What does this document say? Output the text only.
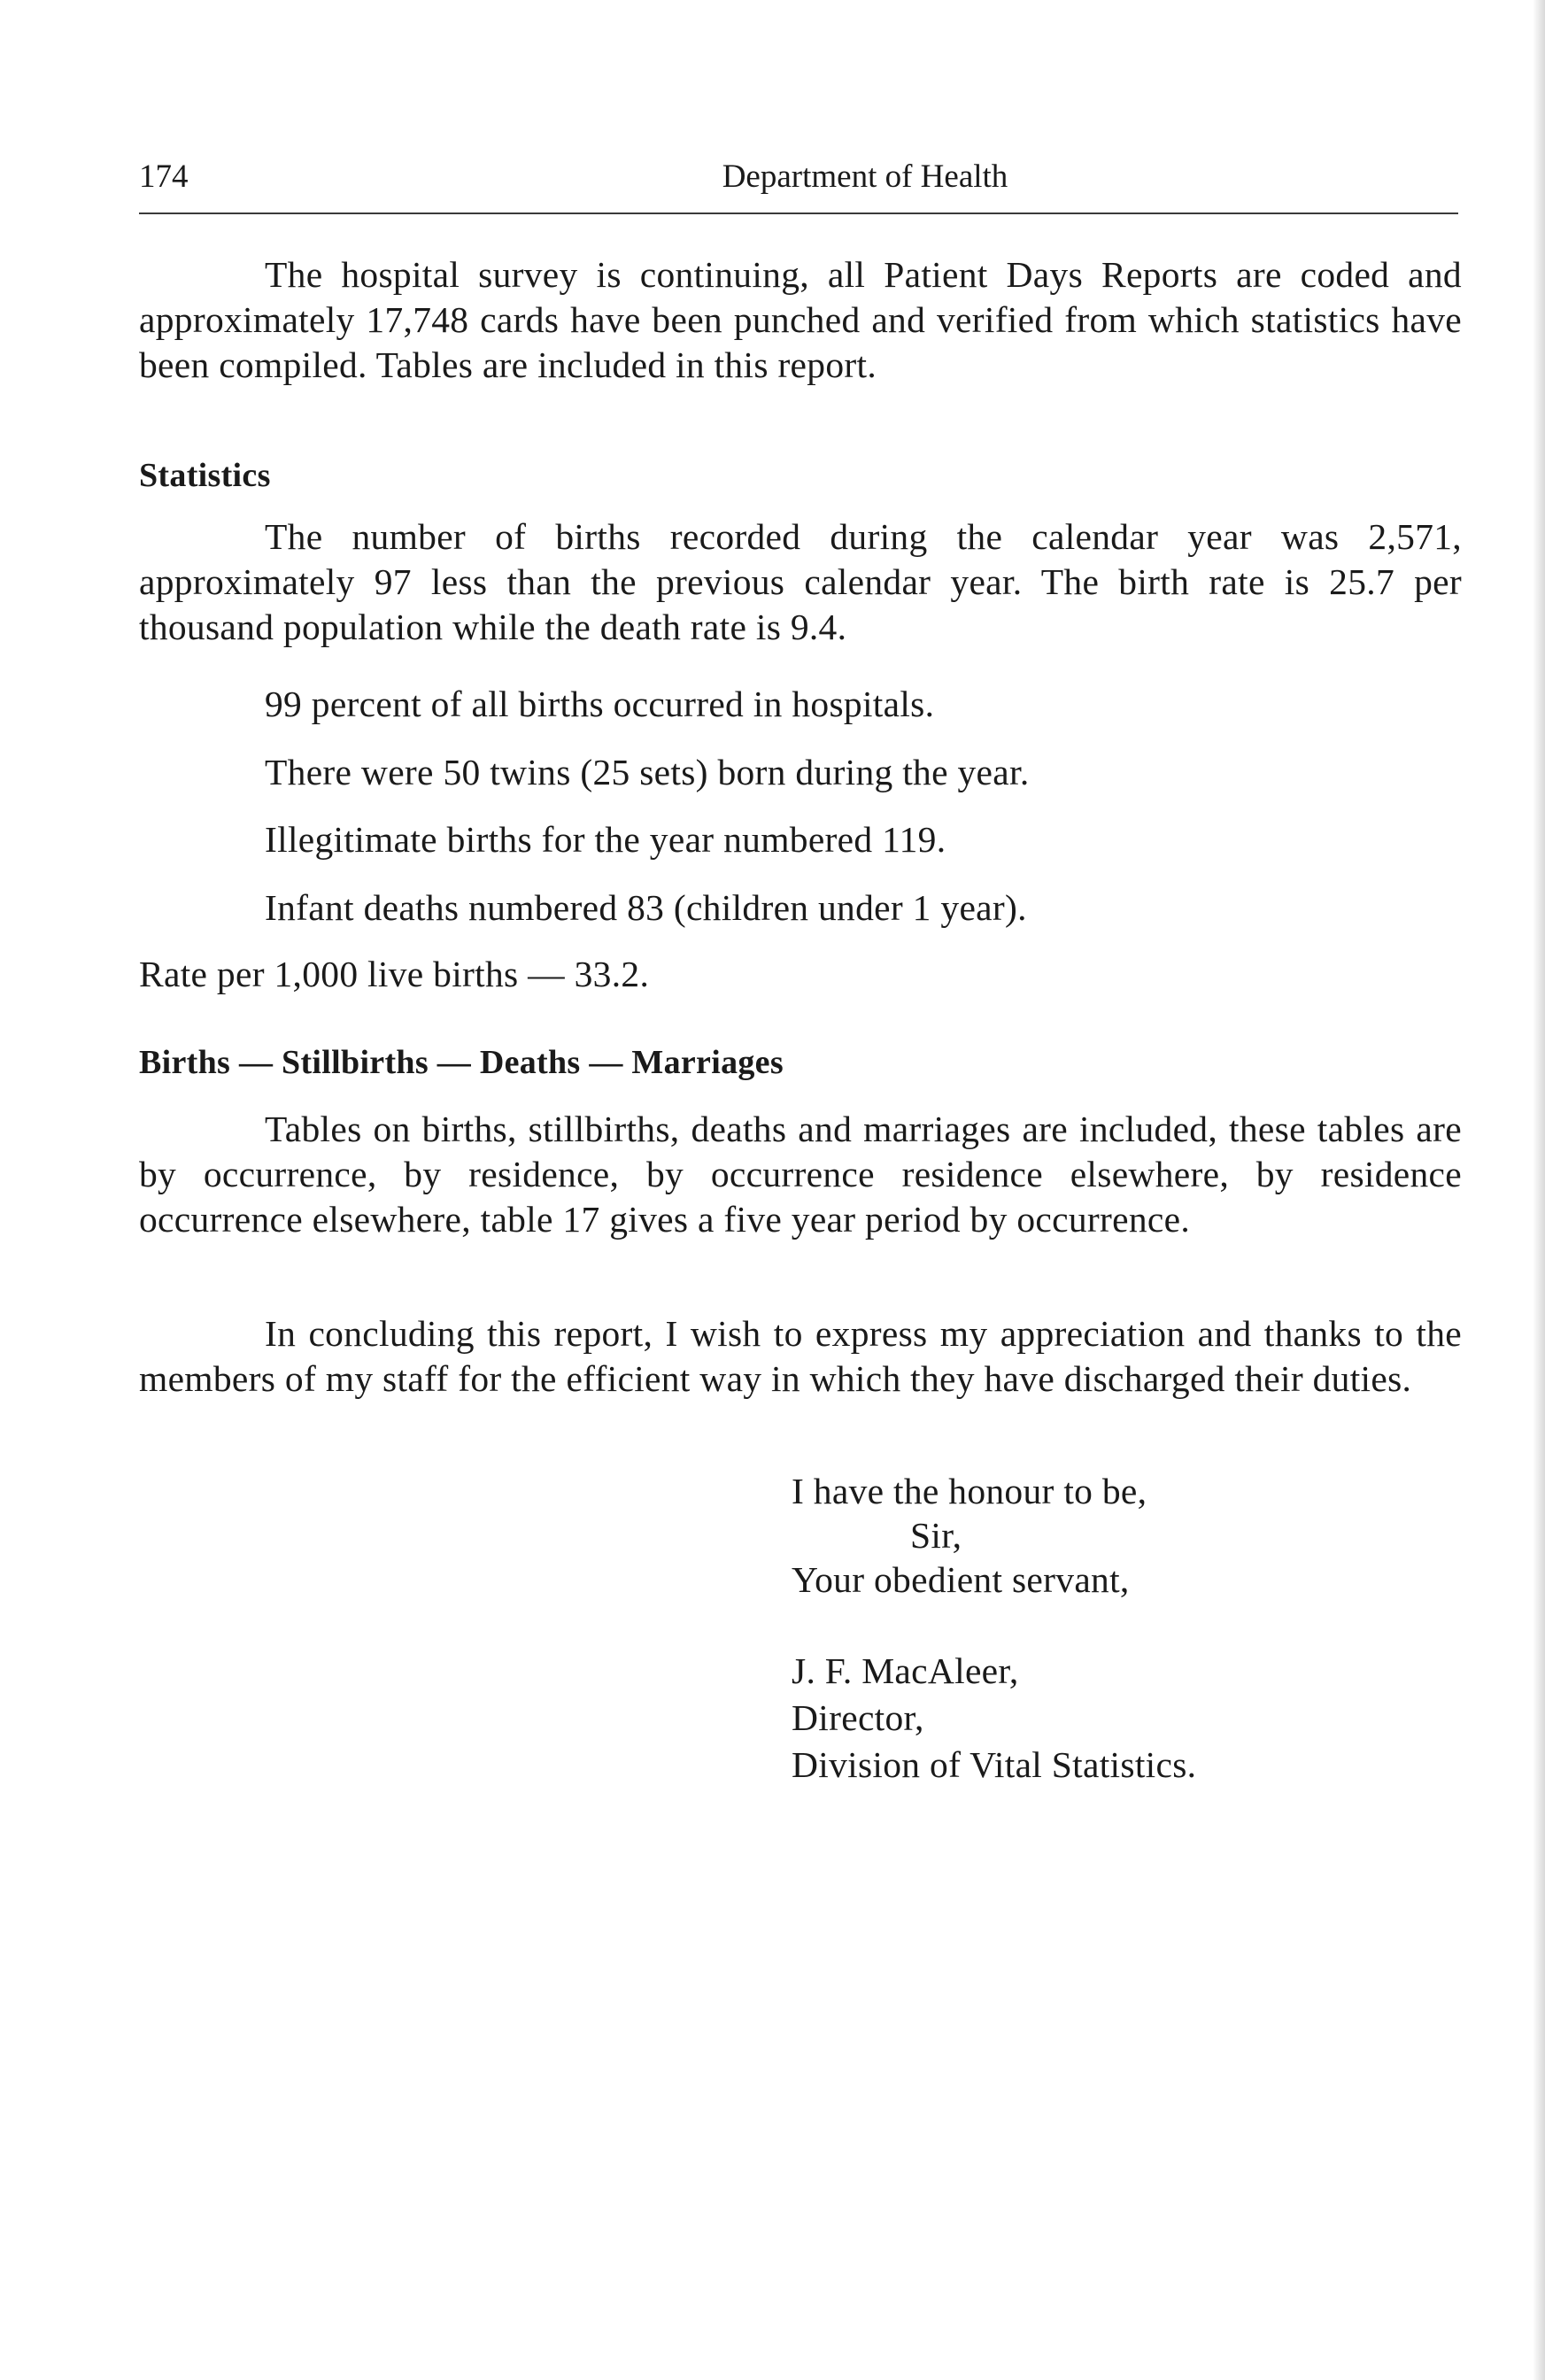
174	Department of Health

The hospital survey is continuing, all Patient Days Reports are coded and approximately 17,748 cards have been punched and verified from which statistics have been compiled. Tables are included in this report.

Statistics

The number of births recorded during the calendar year was 2,571, approximately 97 less than the previous calendar year. The birth rate is 25.7 per thousand population while the death rate is 9.4.

99 percent of all births occurred in hospitals.

There were 50 twins (25 sets) born during the year.

Illegitimate births for the year numbered 119.

Infant deaths numbered 83 (children under 1 year).

Rate per 1,000 live births — 33.2.

Births — Stillbirths — Deaths — Marriages

Tables on births, stillbirths, deaths and marriages are included, these tables are by occurrence, by residence, by occurrence residence elsewhere, by residence occurrence elsewhere, table 17 gives a five year period by occurrence.

In concluding this report, I wish to express my appreciation and thanks to the members of my staff for the efficient way in which they have discharged their duties.

I have the honour to be,

Sir,

Your obedient servant,

J. F. MacAleer,

Director,

Division of Vital Statistics.
